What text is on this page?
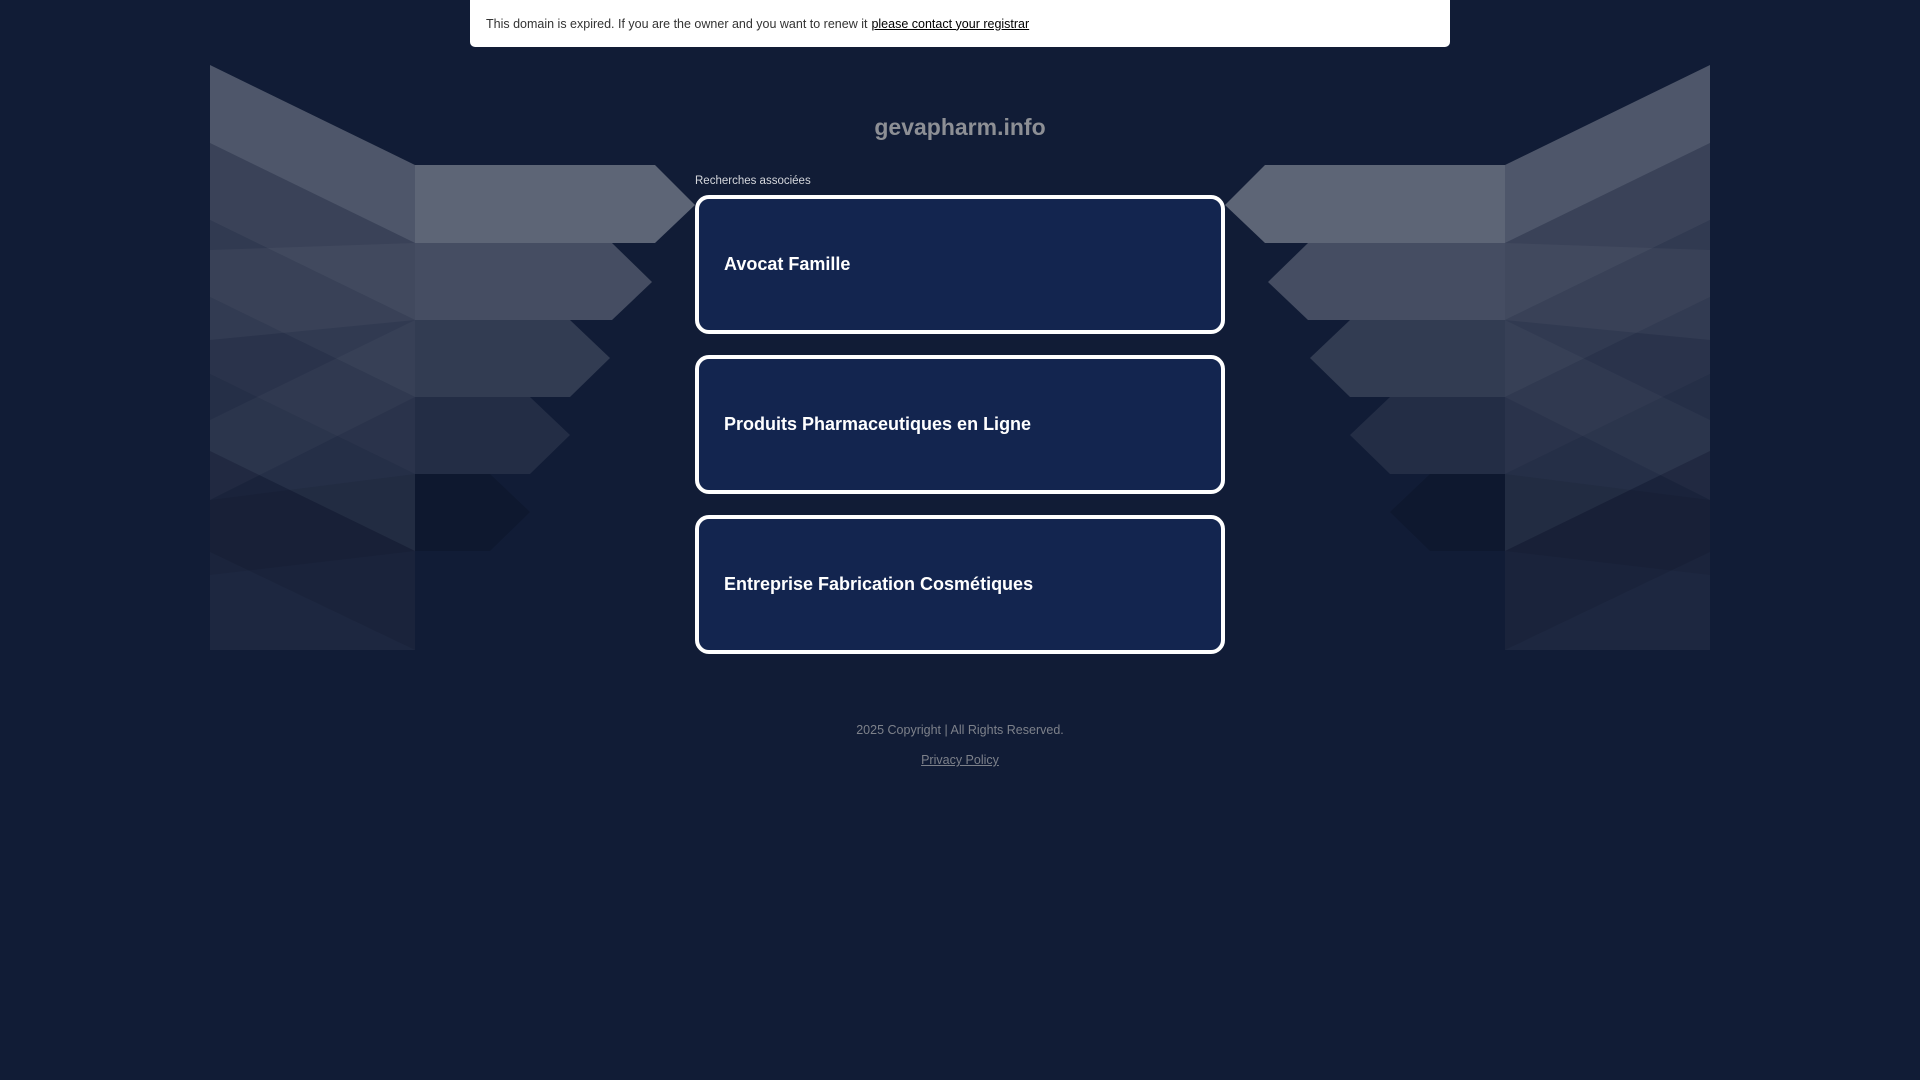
This domain is expired. If you are the owner and you want to renew it please contact your registrar
gevapharm.info
Recherches associées
Avocat Famille
Produits Pharmaceutiques en Ligne
Entreprise Fabrication Cosmétiques
2025 Copyright | All Rights Reserved.
Privacy Policy
